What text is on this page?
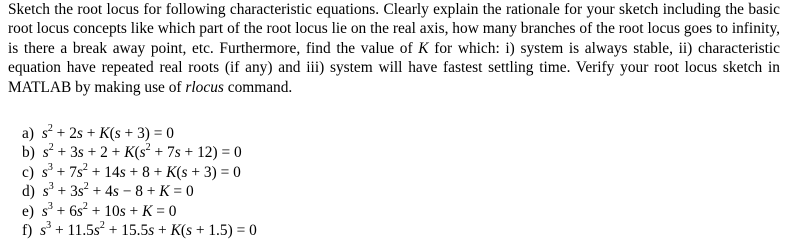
Sketch the root locus for following characteristic equations. Clearly explain the rationale for your sketch including the basic root locus concepts like which part of the root locus lie on the real axis, how many branches of the root locus goes to infinity, is there a break away point, etc. Furthermore, find the value of K for which: i) system is always stable, ii) characteristic equation have repeated real roots (if any) and iii) system will have fastest settling time. Verify your root locus sketch in MATLAB by making use of rlocus command.

a) $s^2 + 2s + K(s + 3) = 0$
b) $s^2 + 3s + 2 + K(s^2 + 7s + 12) = 0$
c) $s^3 + 7s^2 + 14s + 8 + K(s + 3) = 0$
d) $s^3 + 3s^2 + 4s - 8 + K = 0$
e) $s^3 + 6s^2 + 10s + K = 0$
f) $s^3 + 11.5s^2 + 15.5s + K(s + 1.5) = 0$
